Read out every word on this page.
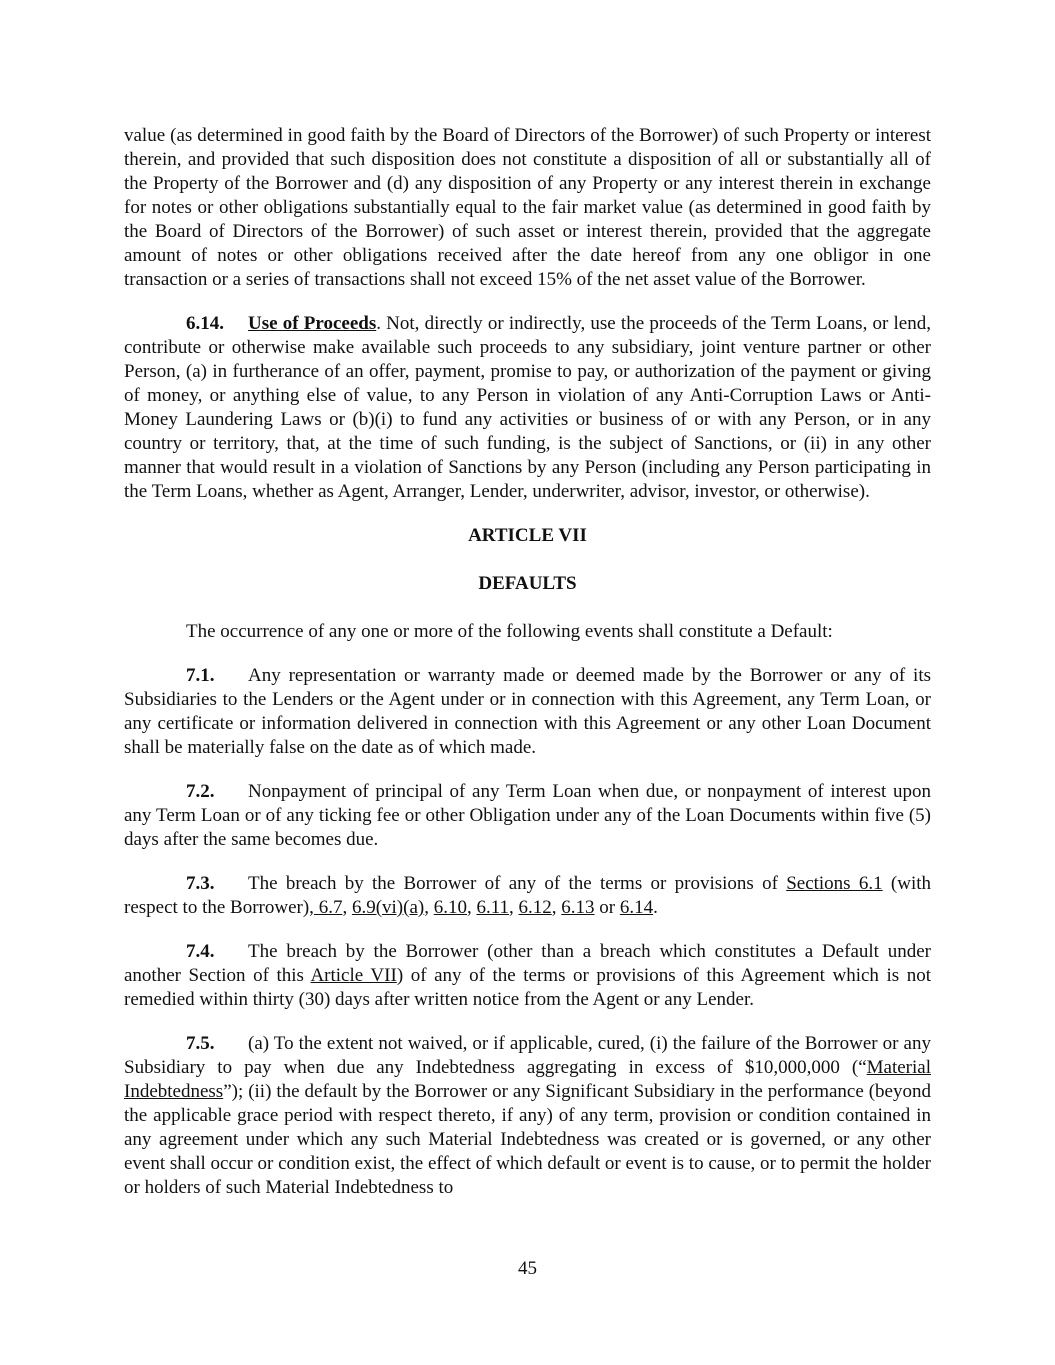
value (as determined in good faith by the Board of Directors of the Borrower) of such Property or interest therein, and provided that such disposition does not constitute a disposition of all or substantially all of the Property of the Borrower and (d) any disposition of any Property or any interest therein in exchange for notes or other obligations substantially equal to the fair market value (as determined in good faith by the Board of Directors of the Borrower) of such asset or interest therein, provided that the aggregate amount of notes or other obligations received after the date hereof from any one obligor in one transaction or a series of transactions shall not exceed 15% of the net asset value of the Borrower.

6.14. Use of Proceeds. Not, directly or indirectly, use the proceeds of the Term Loans, or lend, contribute or otherwise make available such proceeds to any subsidiary, joint venture partner or other Person, (a) in furtherance of an offer, payment, promise to pay, or authorization of the payment or giving of money, or anything else of value, to any Person in violation of any Anti-Corruption Laws or Anti-Money Laundering Laws or (b)(i) to fund any activities or business of or with any Person, or in any country or territory, that, at the time of such funding, is the subject of Sanctions, or (ii) in any other manner that would result in a violation of Sanctions by any Person (including any Person participating in the Term Loans, whether as Agent, Arranger, Lender, underwriter, advisor, investor, or otherwise).

ARTICLE VII
DEFAULTS

The occurrence of any one or more of the following events shall constitute a Default:

7.1. Any representation or warranty made or deemed made by the Borrower or any of its Subsidiaries to the Lenders or the Agent under or in connection with this Agreement, any Term Loan, or any certificate or information delivered in connection with this Agreement or any other Loan Document shall be materially false on the date as of which made.

7.2. Nonpayment of principal of any Term Loan when due, or nonpayment of interest upon any Term Loan or of any ticking fee or other Obligation under any of the Loan Documents within five (5) days after the same becomes due.

7.3. The breach by the Borrower of any of the terms or provisions of Sections 6.1 (with respect to the Borrower), 6.7, 6.9(vi)(a), 6.10, 6.11, 6.12, 6.13 or 6.14.

7.4. The breach by the Borrower (other than a breach which constitutes a Default under another Section of this Article VII) of any of the terms or provisions of this Agreement which is not remedied within thirty (30) days after written notice from the Agent or any Lender.

7.5. (a) To the extent not waived, or if applicable, cured, (i) the failure of the Borrower or any Subsidiary to pay when due any Indebtedness aggregating in excess of $10,000,000 (“Material Indebtedness”); (ii) the default by the Borrower or any Significant Subsidiary in the performance (beyond the applicable grace period with respect thereto, if any) of any term, provision or condition contained in any agreement under which any such Material Indebtedness was created or is governed, or any other event shall occur or condition exist, the effect of which default or event is to cause, or to permit the holder or holders of such Material Indebtedness to

45
